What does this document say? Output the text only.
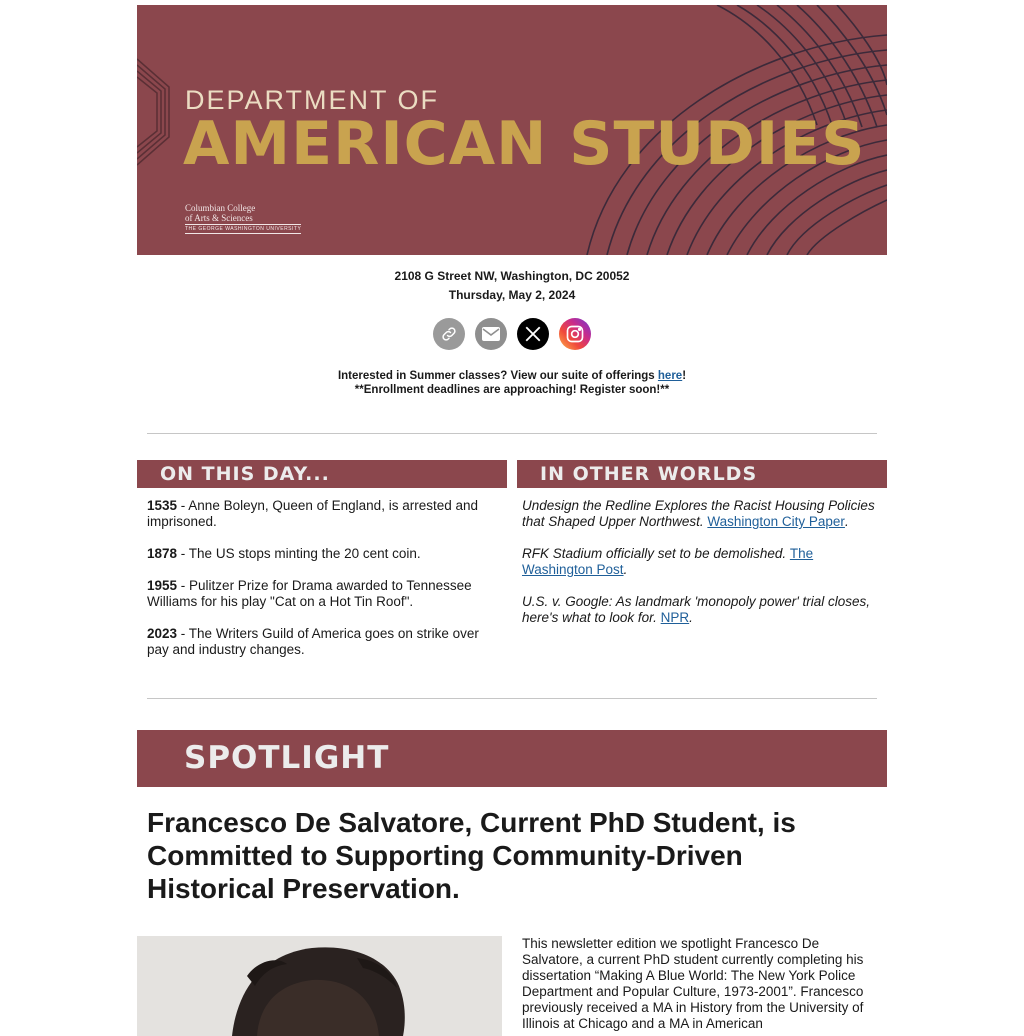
DEPARTMENT OF
AMERICAN STUDIES
Columbian College
of Arts & Sciences
THE GEORGE WASHINGTON UNIVERSITY
2108 G Street NW, Washington, DC 20052
Thursday, May 2, 2024
Interested in Summer classes? View our suite of offerings here!
**Enrollment deadlines are approaching! Register soon!**
ON THIS DAY...	IN OTHER WORLDS

1535 - Anne Boleyn, Queen of England, is arrested and imprisoned.

1878 - The US stops minting the 20 cent coin.

1955 - Pulitzer Prize for Drama awarded to Tennessee Williams for his play "Cat on a Hot Tin Roof".

2023 - The Writers Guild of America goes on strike over pay and industry changes.

Undesign the Redline Explores the Racist Housing Policies that Shaped Upper Northwest. Washington City Paper.

RFK Stadium officially set to be demolished. The Washington Post.

U.S. v. Google: As landmark 'monopoly power' trial closes, here's what to look for. NPR.

SPOTLIGHT
Francesco De Salvatore, Current PhD Student, is Committed to Supporting Community-Driven Historical Preservation.
This newsletter edition we spotlight Francesco De Salvatore, a current PhD student currently completing his dissertation “Making A Blue World: The New York Police Department and Popular Culture, 1973-2001”. Francesco previously received a MA in History from the University of Illinois at Chicago and a MA in American
